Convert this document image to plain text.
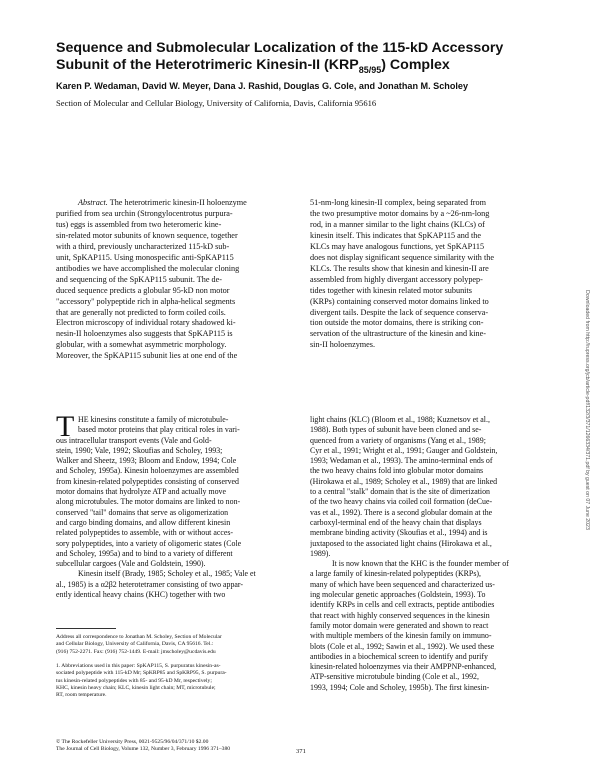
Sequence and Submolecular Localization of the 115-kD Accessory
Subunit of the Heterotrimeric Kinesin-II $(KRP_{85/95})$ Complex
Karen P. Wedaman, David W. Meyer, Dana J. Rashid, Douglas G. Cole, and Jonathan M. Scholey
Section of Molecular and Cellular Biology, University of California, Davis, California 95616
Abstract. The heterotrimeric kinesin-II holoenzyme
purified from sea urchin (Strongylocentrotus purpura-
tus) eggs is assembled from two heteromeric kine-
sin-related motor subunits of known sequence, together
with a third, previously uncharacterized 115-kD sub-
unit, SpKAP115. Using monospecific anti-SpKAP115
antibodies we have accomplished the molecular cloning
and sequencing of the SpKAP115 subunit. The de-
duced sequence predicts a globular 95-kD non motor
"accessory" polypeptide rich in alpha-helical segments
that are generally not predicted to form coiled coils.
Electron microscopy of individual rotary shadowed ki-
nesin-II holoenzymes also suggests that SpKAP115 is
globular, with a somewhat asymmetric morphology.
Moreover, the SpKAP115 subunit lies at one end of the
51-nm-long kinesin-II complex, being separated from
the two presumptive motor domains by a ~26-nm-long
rod, in a manner similar to the light chains (KLCs) of
kinesin itself. This indicates that SpKAP115 and the
KLCs may have analogous functions, yet SpKAP115
does not display significant sequence similarity with the
KLCs. The results show that kinesin and kinesin-II are
assembled from highly divergant accessory polypep-
tides together with kinesin related motor subunits
(KRPs) containing conserved motor domains linked to
divergent tails. Despite the lack of sequence conserva-
tion outside the motor domains, there is striking con-
servation of the ultrastructure of the kinesin and kine-
sin-II holoenzymes.
T HE kinesins constitute a family of microtubule-
based motor proteins that play critical roles in vari-
ous intracellular transport events (Vale and Gold-
stein, 1990; Vale, 1992; Skoufias and Scholey, 1993;
Walker and Sheetz, 1993; Bloom and Endow, 1994; Cole
and Scholey, 1995a). Kinesin holoenzymes are assembled
from kinesin-related polypeptides consisting of conserved
motor domains that hydrolyze ATP and actually move
along microtubules. The motor domains are linked to non-
conserved "tail" domains that serve as oligomerization
and cargo binding domains, and allow different kinesin
related polypeptides to assemble, with or without acces-
sory polypeptides, into a variety of oligomeric states (Cole
and Scholey, 1995a) and to bind to a variety of different
subcellular cargoes (Vale and Goldstein, 1990).
Kinesin itself (Brady, 1985; Scholey et al., 1985; Vale et
al., 1985) is a α2β2 heterotetramer consisting of two appar-
ently identical heavy chains (KHC) together with two
light chains (KLC) (Bloom et al., 1988; Kuznetsov et al.,
1988). Both types of subunit have been cloned and se-
quenced from a variety of organisms (Yang et al., 1989;
Cyr et al., 1991; Wright et al., 1991; Gauger and Goldstein,
1993; Wedaman et al., 1993). The amino-terminal ends of
the two heavy chains fold into globular motor domains
(Hirokawa et al., 1989; Scholey et al., 1989) that are linked
to a central "stalk" domain that is the site of dimerization
of the two heavy chains via coiled coil formation (deCue-
vas et al., 1992). There is a second globular domain at the
carboxyl-terminal end of the heavy chain that displays
membrane binding activity (Skoufias et al., 1994) and is
juxtaposed to the associated light chains (Hirokawa et al.,
1989).
It is now known that the KHC is the founder member of
a large family of kinesin-related polypeptides (KRPs),
many of which have been sequenced and characterized us-
ing molecular genetic approaches (Goldstein, 1993). To
identify KRPs in cells and cell extracts, peptide antibodies
that react with highly conserved sequences in the kinesin
family motor domain were generated and shown to react
with multiple members of the kinesin family on immuno-
blots (Cole et al., 1992; Sawin et al., 1992). We used these
antibodies in a biochemical screen to identify and purify
kinesin-related holoenzymes via their AMPPNP-enhanced,
ATP-sensitive microtubule binding (Cole et al., 1992,
1993, 1994; Cole and Scholey, 1995b). The first kinesin-
Address all correspondence to Jonathan M. Scholey, Section of Molecular
and Cellular Biology, University of California, Davis, CA 95616. Tel.:
(916) 752-2271. Fax: (916) 752-1449. E-mail: jmscholey@ucdavis.edu

1. Abbreviations used in this paper: SpKAP115, S. purpuratus kinesin-as-
sociated polypeptide with 115-kD Mr; SpKRP85 and SpKRP95, S. purpura-
tus kinesin-related polypeptides with 85- and 95-kD Mr, respectively;
KHC, kinesin heavy chain; KLC, kinesin light chain; MT, microtubule;
RT, room temperature.
© The Rockefeller University Press, 0021-9525/96/04/371/10 $2.00
The Journal of Cell Biology, Volume 132, Number 3, February 1996 371–380	371
Downloaded from http://rupress.org/jcb/article-pdf/132/3/371/1266334/371.pdf by guest on 07 June 2023
